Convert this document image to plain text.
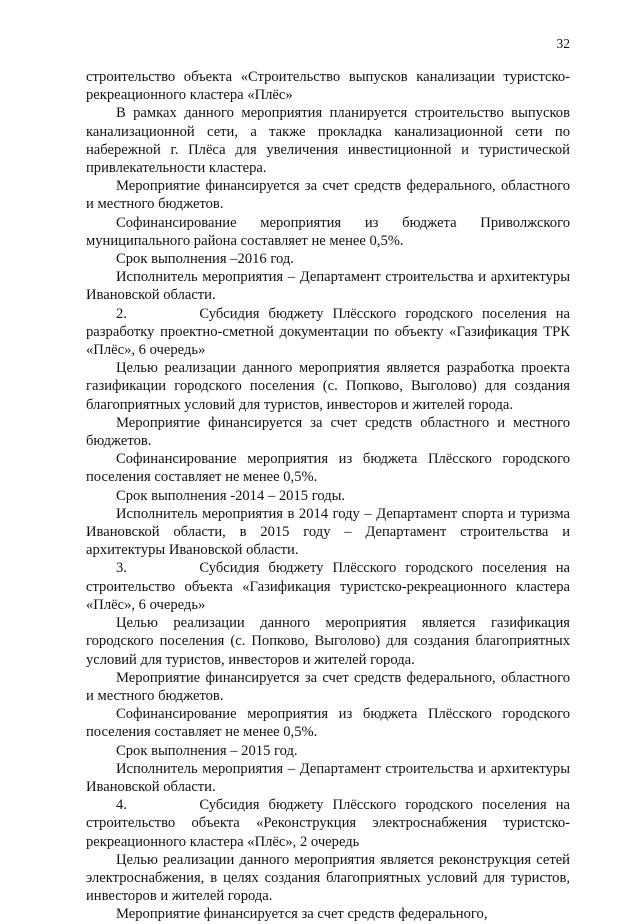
32

строительство объекта «Строительство выпусков канализации туристско-рекреационного кластера «Плёс»

В рамках данного мероприятия планируется строительство выпусков канализационной сети, а также прокладка канализационной сети по набережной г. Плёса для увеличения инвестиционной и туристической привлекательности кластера.

Мероприятие финансируется за счет средств федерального, областного и местного бюджетов.

Софинансирование мероприятия из бюджета Приволжского муниципального района составляет не менее 0,5%.

Срок выполнения –2016 год.

Исполнитель мероприятия – Департамент строительства и архитектуры Ивановской области.

2.        Субсидия бюджету Плёсского городского поселения на разработку проектно-сметной документации по объекту «Газификация ТРК «Плёс», 6 очередь»

Целью реализации данного мероприятия является разработка проекта газификации городского поселения (с. Попково, Выголово) для создания благоприятных условий для туристов, инвесторов и жителей города.

Мероприятие финансируется за счет средств областного и местного бюджетов.

Софинансирование мероприятия из бюджета Плёсского городского поселения составляет не менее 0,5%.

Срок выполнения -2014 – 2015 годы.

Исполнитель мероприятия в 2014 году – Департамент спорта и туризма Ивановской области, в 2015 году – Департамент строительства и архитектуры Ивановской области.

3.        Субсидия бюджету Плёсского городского поселения на строительство объекта «Газификация туристско-рекреационного кластера «Плёс», 6 очередь»

Целью реализации данного мероприятия является газификация городского поселения (с. Попково, Выголово) для создания благоприятных условий для туристов, инвесторов и жителей города.

Мероприятие финансируется за счет средств федерального, областного и местного бюджетов.

Софинансирование мероприятия из бюджета Плёсского городского поселения составляет не менее 0,5%.

Срок выполнения – 2015 год.

Исполнитель мероприятия – Департамент строительства и архитектуры Ивановской области.

4.        Субсидия бюджету Плёсского городского поселения на строительство объекта «Реконструкция электроснабжения туристско-рекреационного кластера «Плёс», 2 очередь

Целью реализации данного мероприятия является реконструкция сетей электроснабжения, в целях создания благоприятных условий для туристов, инвесторов и жителей города.

Мероприятие финансируется за счет средств федерального,
